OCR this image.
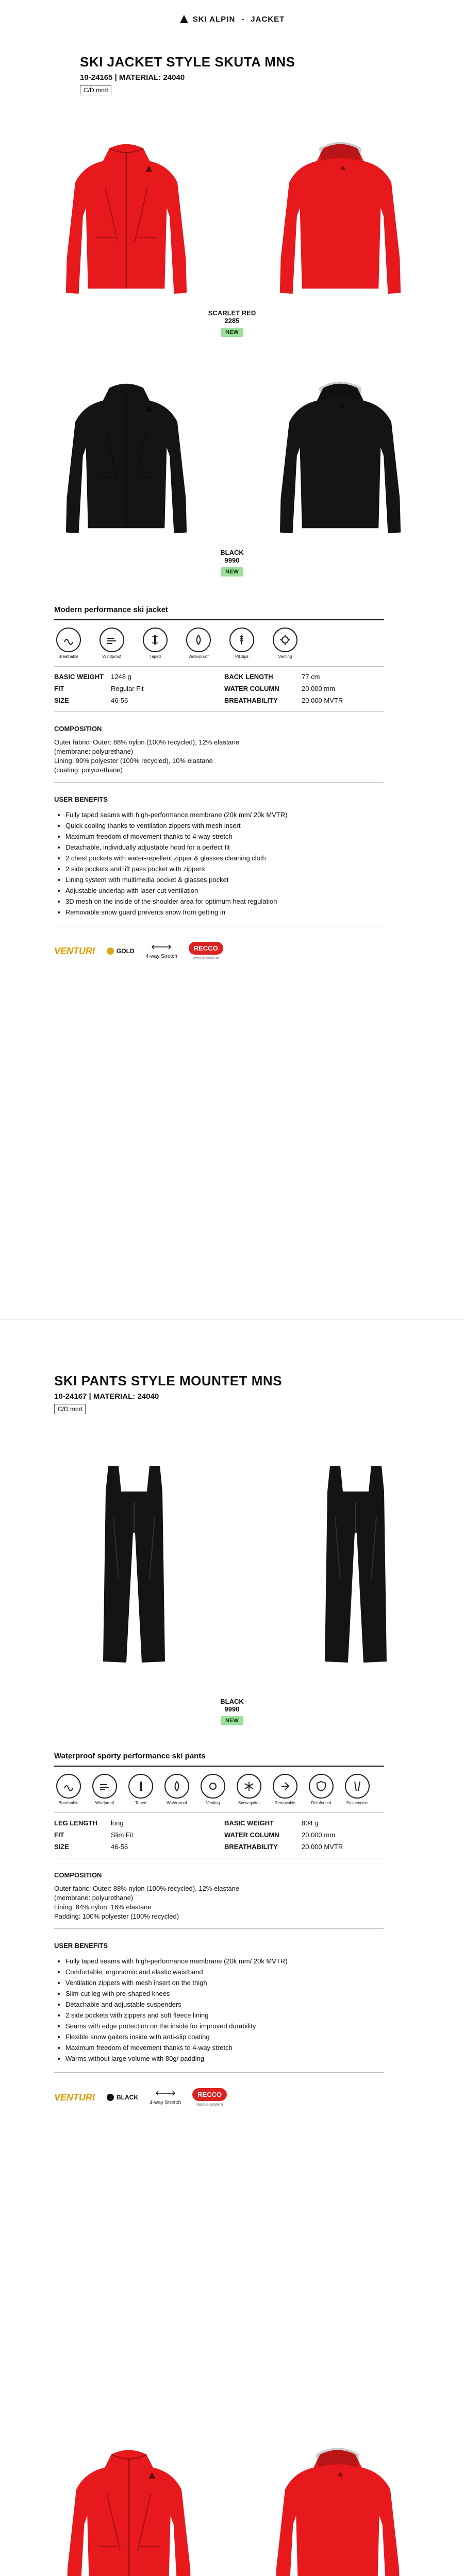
SKI ALPIN - JACKET
SKI JACKET STYLE SKUTA MNS
10-24165 | MATERIAL: 24040
C/D mod
SCARLET RED
2285
NEW
BLACK
9990
NEW
Modern performance ski jacket
Breathable	Windproof	Taped	Waterproof	Pit zips	Venting
BASIC WEIGHT	1248 g	BACK LENGTH	77 cm
FIT	Regular Fit	WATER COLUMN	20.000 mm
SIZE	46-56	BREATHABILITY	20.000 MVTR
COMPOSITION
Outer fabric: Outer: 88% nylon (100% recycled), 12% elastane
(membrane: polyurethane)
Lining: 90% polyester (100% recycled), 10% elastane
(coating: polyurethane)
USER BENEFITS
• Fully taped seams with high-performance membrane (20k mm/ 20k MVTR)
• Quick cooling thanks to ventilation zippers with mesh insert
• Maximum freedom of movement thanks to 4-way stretch
• Detachable, individually adjustable hood for a perfect fit
• 2 chest pockets with water-repellent zipper & glasses cleaning cloth
• 2 side pockets and lift pass pocket with zippers
• Lining system with multimedia pocket & glasses pocket
• Adjustable underlap with laser-cut ventilation
• 3D mesh on the inside of the shoulder area for optimum heat regulation
• Removable snow guard prevents snow from getting in
VENTURI	GOLD

4-way Stretch
RECCO
rescue system
SKI PANTS STYLE MOUNTET MNS
10-24167 | MATERIAL: 24040
C/D mod
BLACK
9990
NEW
Waterproof sporty performance ski pants
Breathable	Windproof	Taped	Waterproof	Venting	Snow gaiter	Removable	Reinforced	Suspenders
LEG LENGTH	long	BASIC WEIGHT	804 g
FIT	Slim Fit	WATER COLUMN	20.000 mm
SIZE	46-56	BREATHABILITY	20.000 MVTR
COMPOSITION
Outer fabric: Outer: 88% nylon (100% recycled), 12% elastane
(membrane: polyurethane)
Lining: 84% nylon, 16% elastane
Padding: 100% polyester (100% recycled)
USER BENEFITS
• Fully taped seams with high-performance membrane (20k mm/ 20k MVTR)
• Comfortable, ergonomic and elastic waistband
• Ventilation zippers with mesh insert on the thigh
• Slim-cut leg with pre-shaped knees
• Detachable and adjustable suspenders
• 2 side pockets with zippers and soft fleece lining
• Seams with edge protection on the inside for improved durability
• Flexible snow gaiters inside with anti-slip coating
• Maximum freedom of movement thanks to 4-way stretch
• Warms without large volume with 80g/ padding
VENTURI	BLACK

4-way Stretch
RECCO
rescue system
